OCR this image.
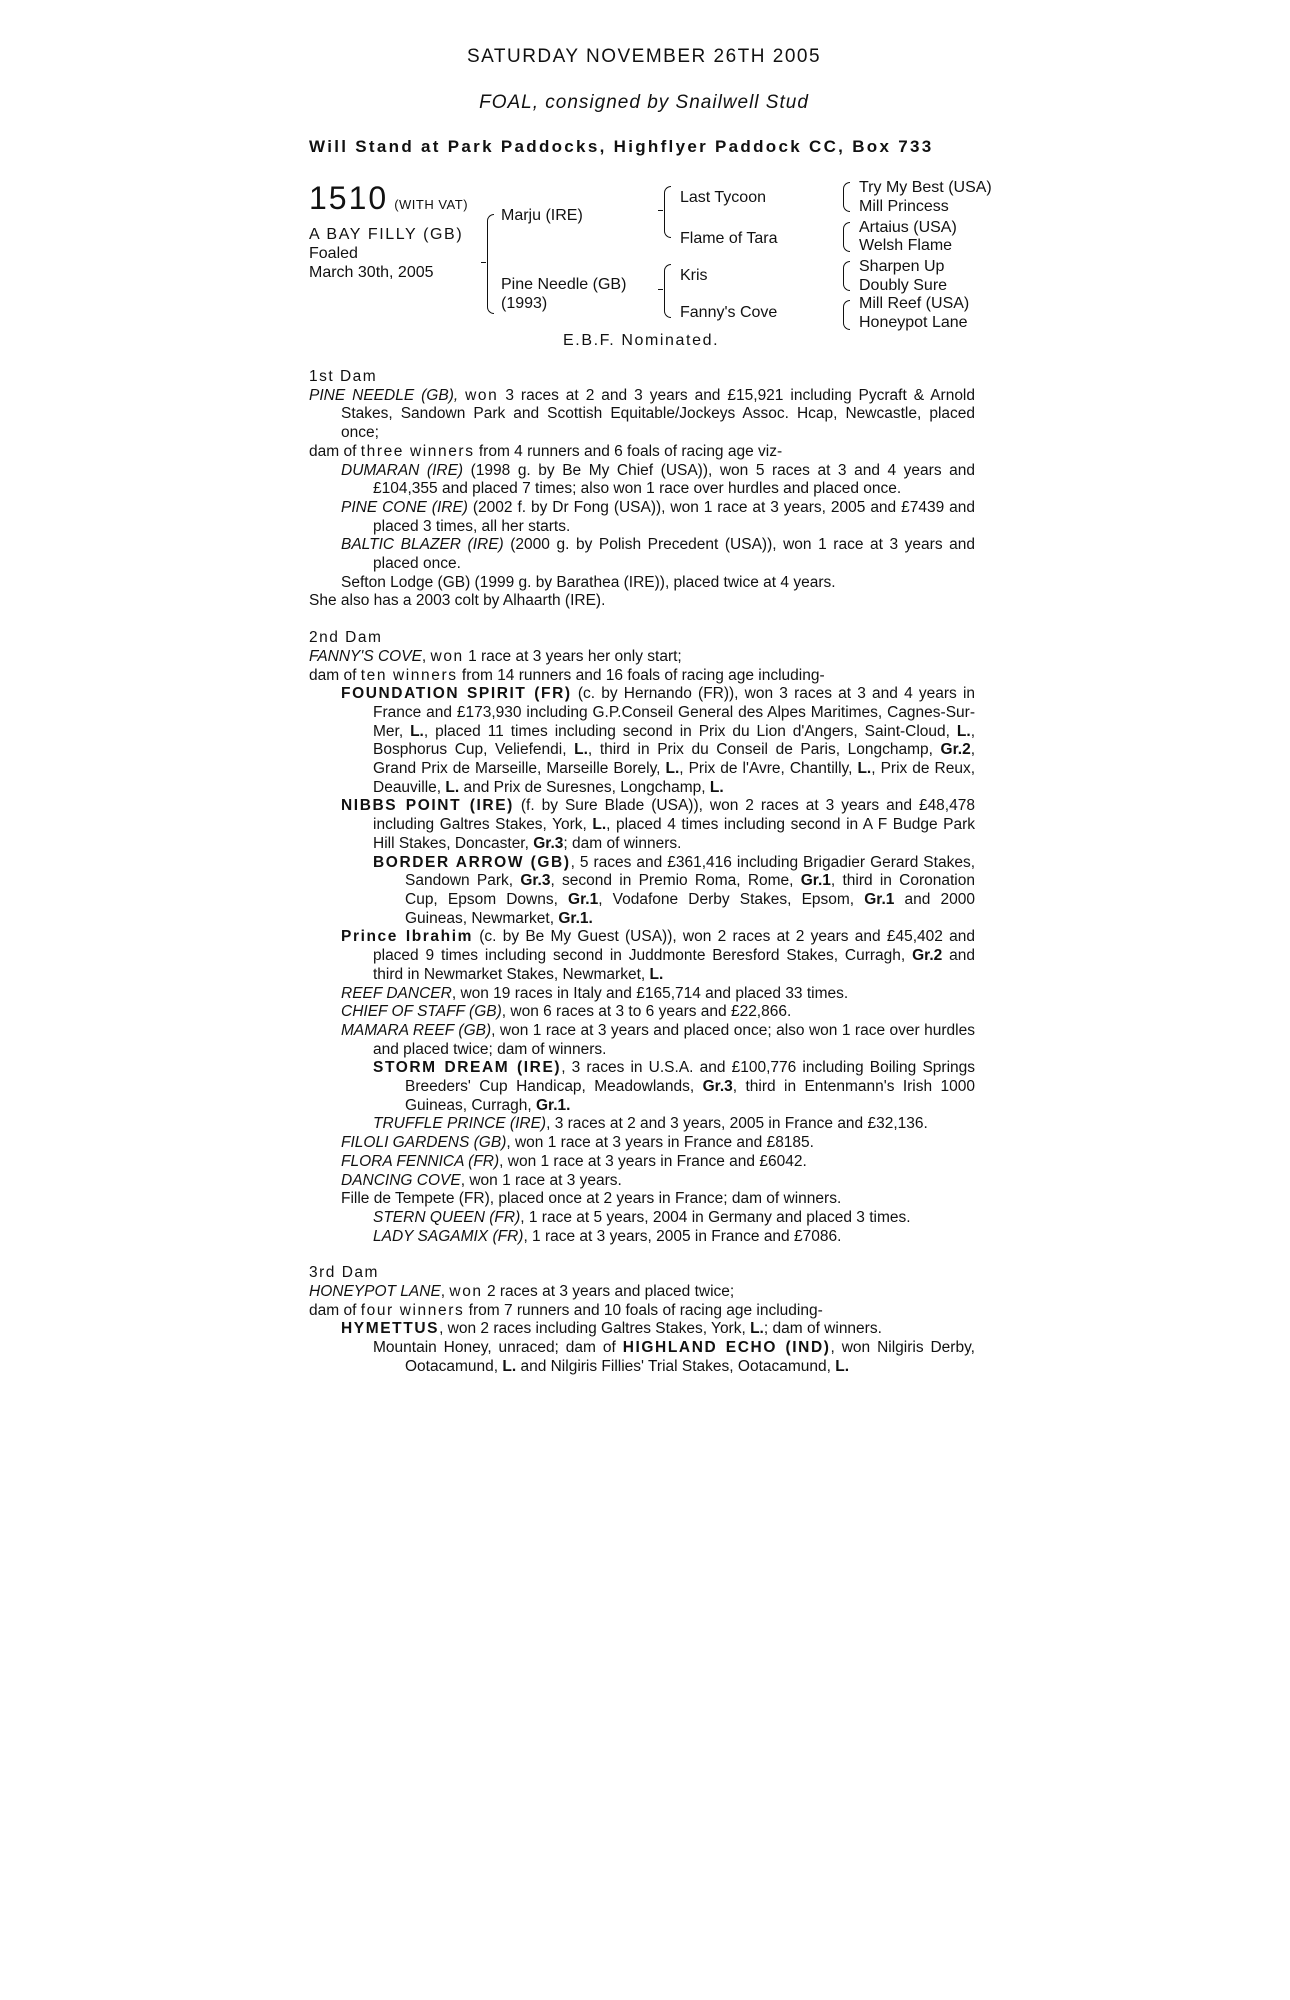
SATURDAY NOVEMBER 26TH 2005
FOAL, consigned by Snailwell Stud
Will Stand at Park Paddocks, Highflyer Paddock CC, Box 733
1510 (WITH VAT)
A BAY FILLY (GB)
Foaled
March 30th, 2005
Marju (IRE)
Pine Needle (GB)
(1993)
Last Tycoon
Flame of Tara
Kris
Fanny's Cove
Try My Best (USA)
Mill Princess
Artaius (USA)
Welsh Flame
Sharpen Up
Doubly Sure
Mill Reef (USA)
Honeypot Lane
E.B.F. Nominated.

1st Dam

PINE NEEDLE (GB), won 3 races at 2 and 3 years and £15,921 including Pycraft & Arnold Stakes, Sandown Park and Scottish Equitable/Jockeys Assoc. Hcap, Newcastle, placed once;

dam of three winners from 4 runners and 6 foals of racing age viz-

DUMARAN (IRE) (1998 g. by Be My Chief (USA)), won 5 races at 3 and 4 years and £104,355 and placed 7 times; also won 1 race over hurdles and placed once.

PINE CONE (IRE) (2002 f. by Dr Fong (USA)), won 1 race at 3 years, 2005 and £7439 and placed 3 times, all her starts.

BALTIC BLAZER (IRE) (2000 g. by Polish Precedent (USA)), won 1 race at 3 years and placed once.

Sefton Lodge (GB) (1999 g. by Barathea (IRE)), placed twice at 4 years.

She also has a 2003 colt by Alhaarth (IRE).

2nd Dam

FANNY'S COVE, won 1 race at 3 years her only start;

dam of ten winners from 14 runners and 16 foals of racing age including-

FOUNDATION SPIRIT (FR) (c. by Hernando (FR)), won 3 races at 3 and 4 years in France and £173,930 including G.P.Conseil General des Alpes Maritimes, Cagnes-Sur-Mer, L., placed 11 times including second in Prix du Lion d'Angers, Saint-Cloud, L., Bosphorus Cup, Veliefendi, L., third in Prix du Conseil de Paris, Longchamp, Gr.2, Grand Prix de Marseille, Marseille Borely, L., Prix de l'Avre, Chantilly, L., Prix de Reux, Deauville, L. and Prix de Suresnes, Longchamp, L.

NIBBS POINT (IRE) (f. by Sure Blade (USA)), won 2 races at 3 years and £48,478 including Galtres Stakes, York, L., placed 4 times including second in A F Budge Park Hill Stakes, Doncaster, Gr.3; dam of winners.

BORDER ARROW (GB), 5 races and £361,416 including Brigadier Gerard Stakes, Sandown Park, Gr.3, second in Premio Roma, Rome, Gr.1, third in Coronation Cup, Epsom Downs, Gr.1, Vodafone Derby Stakes, Epsom, Gr.1 and 2000 Guineas, Newmarket, Gr.1.

Prince Ibrahim (c. by Be My Guest (USA)), won 2 races at 2 years and £45,402 and placed 9 times including second in Juddmonte Beresford Stakes, Curragh, Gr.2 and third in Newmarket Stakes, Newmarket, L.

REEF DANCER, won 19 races in Italy and £165,714 and placed 33 times.

CHIEF OF STAFF (GB), won 6 races at 3 to 6 years and £22,866.

MAMARA REEF (GB), won 1 race at 3 years and placed once; also won 1 race over hurdles and placed twice; dam of winners.

STORM DREAM (IRE), 3 races in U.S.A. and £100,776 including Boiling Springs Breeders' Cup Handicap, Meadowlands, Gr.3, third in Entenmann's Irish 1000 Guineas, Curragh, Gr.1.

TRUFFLE PRINCE (IRE), 3 races at 2 and 3 years, 2005 in France and £32,136.

FILOLI GARDENS (GB), won 1 race at 3 years in France and £8185.

FLORA FENNICA (FR), won 1 race at 3 years in France and £6042.

DANCING COVE, won 1 race at 3 years.

Fille de Tempete (FR), placed once at 2 years in France; dam of winners.

STERN QUEEN (FR), 1 race at 5 years, 2004 in Germany and placed 3 times.

LADY SAGAMIX (FR), 1 race at 3 years, 2005 in France and £7086.

3rd Dam

HONEYPOT LANE, won 2 races at 3 years and placed twice;

dam of four winners from 7 runners and 10 foals of racing age including-

HYMETTUS, won 2 races including Galtres Stakes, York, L.; dam of winners.

Mountain Honey, unraced; dam of HIGHLAND ECHO (IND), won Nilgiris Derby, Ootacamund, L. and Nilgiris Fillies' Trial Stakes, Ootacamund, L.
